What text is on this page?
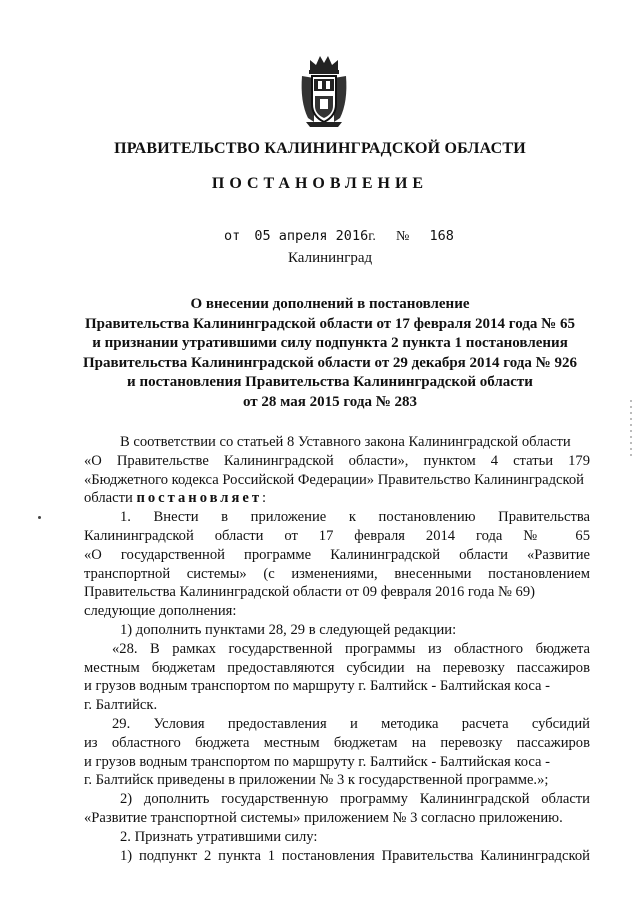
ПРАВИТЕЛЬСТВО КАЛИНИНГРАДСКОЙ ОБЛАСТИ
ПОСТАНОВЛЕНИЕ
от 05 апреля 2016г. № 168
Калининград
О внесении дополнений в постановление
Правительства Калининградской области от 17 февраля 2014 года № 65
и признании утратившими силу подпункта 2 пункта 1 постановления
Правительства Калининградской области от 29 декабря 2014 года № 926
и постановления Правительства Калининградской области
от 28 мая 2015 года № 283
В соответствии со статьей 8 Уставного закона Калининградской области
«О Правительстве Калининградской области», пунктом 4 статьи 179
«Бюджетного кодекса Российской Федерации» Правительство Калининградской
области постановляет:
1. Внести в приложение к постановлению Правительства
Калининградской области от 17 февраля 2014 года № 65
«О государственной программе Калининградской области «Развитие
транспортной системы» (с изменениями, внесенными постановлением
Правительства Калининградской области от 09 февраля 2016 года № 69)
следующие дополнения:
1) дополнить пунктами 28, 29 в следующей редакции:
«28. В рамках государственной программы из областного бюджета
местным бюджетам предоставляются субсидии на перевозку пассажиров
и грузов водным транспортом по маршруту г. Балтийск - Балтийская коса -
г. Балтийск.
29. Условия предоставления и методика расчета субсидий
из областного бюджета местным бюджетам на перевозку пассажиров
и грузов водным транспортом по маршруту г. Балтийск - Балтийская коса -
г. Балтийск приведены в приложении № 3 к государственной программе.»;
2) дополнить государственную программу Калининградской области
«Развитие транспортной системы» приложением № 3 согласно приложению.
2. Признать утратившими силу:
1) подпункт 2 пункта 1 постановления Правительства Калининградской
